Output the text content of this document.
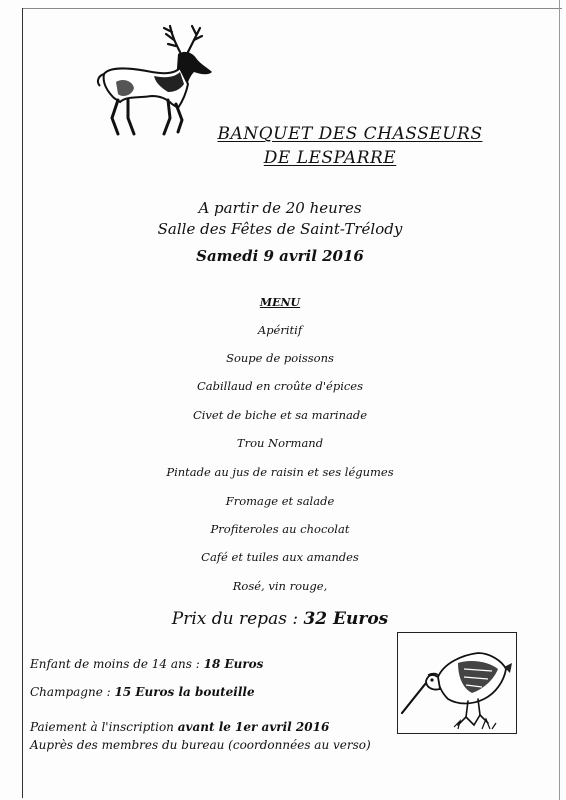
BANQUET DES CHASSEURS
DE LESPARRE
A partir de 20 heures
Salle des Fêtes de Saint-Trélody
Samedi 9 avril 2016
MENU
Apéritif
Soupe de poissons
Cabillaud en croûte d'épices
Civet de biche et sa marinade
Trou Normand
Pintade au jus de raisin et ses légumes
Fromage et salade
Profiteroles au chocolat
Café et tuiles aux amandes
Rosé, vin rouge,
Prix du repas : 32 Euros
Enfant de moins de 14 ans : 18 Euros
Champagne : 15 Euros la bouteille
Paiement à l'inscription avant le 1er avril 2016
Auprès des membres du bureau (coordonnées au verso)
